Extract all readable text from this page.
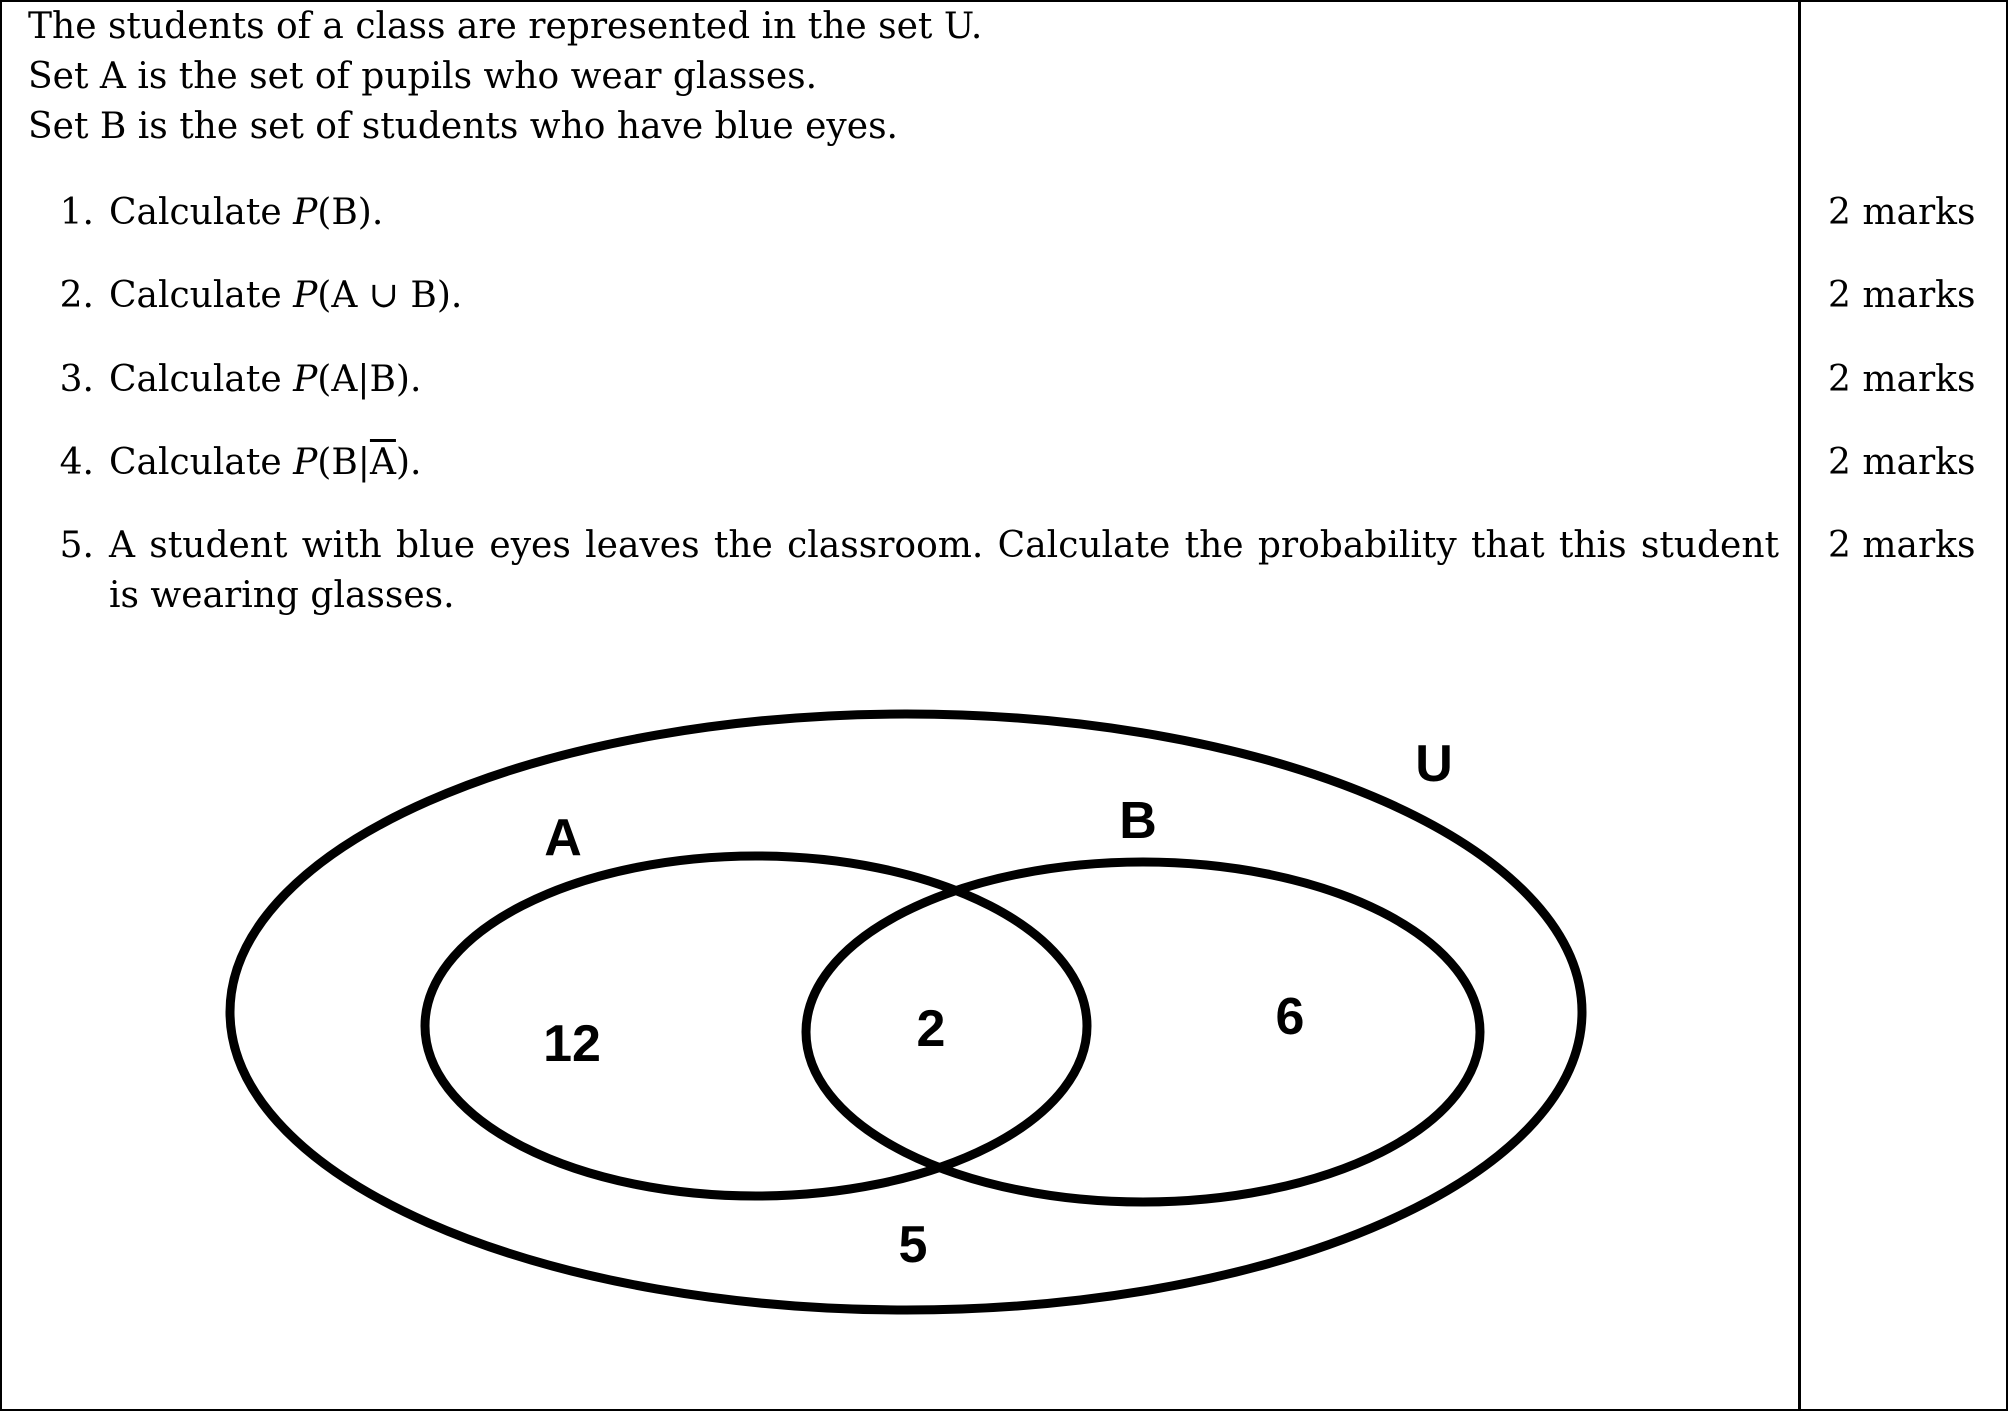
The students of a class are represented in the set U.
Set A is the set of pupils who wear glasses.
Set B is the set of students who have blue eyes.
1. Calculate P(B).	2 marks
2. Calculate P(A ∪ B).	2 marks
3. Calculate P(A|B).	2 marks
4. Calculate $P(B|\overline{A})$.	2 marks
5. A student with blue eyes leaves the classroom. Calculate the probability that this student is wearing glasses.
2 marks
U
A	B
12	2	6
5
